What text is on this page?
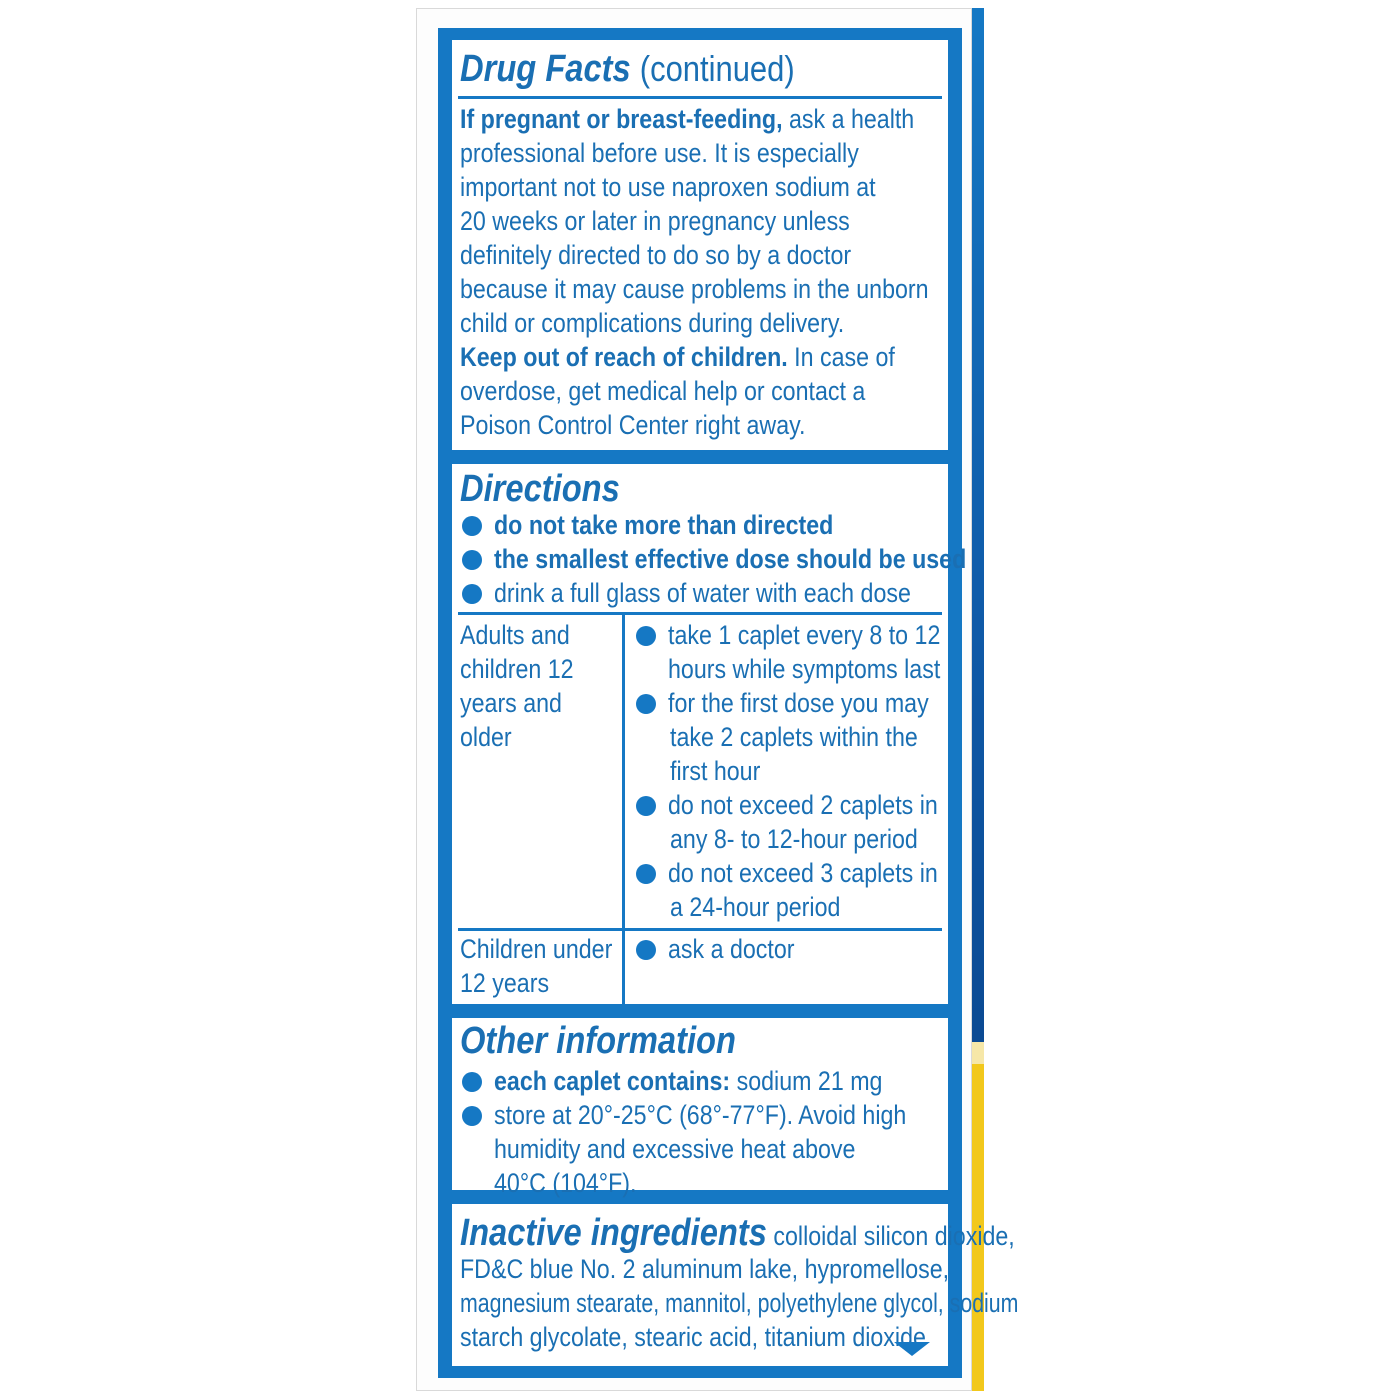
Drug Facts (continued)
If pregnant or breast-feeding, ask a health
professional before use. It is especially
important not to use naproxen sodium at
20 weeks or later in pregnancy unless
definitely directed to do so by a doctor
because it may cause problems in the unborn
child or complications during delivery.
Keep out of reach of children. In case of
overdose, get medical help or contact a
Poison Control Center right away.
Directions
do not take more than directed
the smallest effective dose should be used
drink a full glass of water with each dose
Adults and
children 12
years and
older
take 1 caplet every 8 to 12
hours while symptoms last
for the first dose you may
take 2 caplets within the
first hour
do not exceed 2 caplets in
any 8- to 12-hour period
do not exceed 3 caplets in
a 24-hour period
Children under
12 years
ask a doctor
Other information
each caplet contains: sodium 21 mg
store at 20°-25°C (68°-77°F). Avoid high
humidity and excessive heat above
40°C (104°F).
Inactive ingredients colloidal silicon dioxide,
FD&C blue No. 2 aluminum lake, hypromellose,
magnesium stearate, mannitol, polyethylene glycol, sodium
starch glycolate, stearic acid, titanium dioxide
